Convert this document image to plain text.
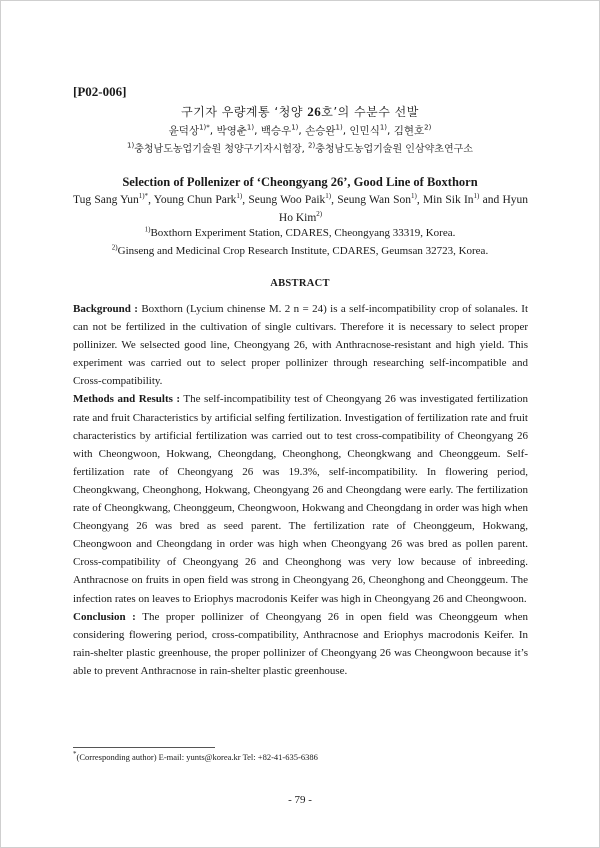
[P02-006]
구기자 우량계통 ‘청양 26호’의 수분수 선발
윤덕상$^{1)*}$, 박영춘$^{1)}$, 백승우$^{1)}$, 손승완$^{1)}$, 인민식$^{1)}$, 김현호$^{2)}$
$^{1)}$충청남도농업기술원 청양구기자시험장, $^{2)}$충청남도농업기술원 인삼약초연구소
Selection of Pollenizer of ‘Cheongyang 26’, Good Line of Boxthorn
Tug Sang Yun$^{1)*}$, Young Chun Park$^{1)}$, Seung Woo Paik$^{1)}$, Seung Wan Son$^{1)}$, Min Sik In$^{1)}$ and Hyun Ho Kim$^{2)}$
$^{1)}$Boxthorn Experiment Station, CDARES, Cheongyang 33319, Korea.
$^{2)}$Ginseng and Medicinal Crop Research Institute, CDARES, Geumsan 32723, Korea.
ABSTRACT

Background : Boxthorn (Lycium chinense M. 2 n = 24) is a self-incompatibility crop of solanales. It can not be fertilized in the cultivation of single cultivars. Therefore it is necessary to select proper pollinizer. We selsected good line, Cheongyang 26, with Anthracnose-resistant and high yield. This experiment was carried out to select proper pollinizer through researching self-incompatible and Cross-compatibility.

Methods and Results : The self-incompatibility test of Cheongyang 26 was investigated fertilization rate and fruit Characteristics by artificial selfing fertilization. Investigation of fertilization rate and fruit characteristics by artificial fertilization was carried out to test cross-compatibility of Cheongyang 26 with Cheongwoon, Hokwang, Cheongdang, Cheonghong, Cheongkwang and Cheonggeum. Self-fertilization rate of Cheongyang 26 was 19.3%, self-incompatibility. In flowering period, Cheongkwang, Cheonghong, Hokwang, Cheongyang 26 and Cheongdang were early. The fertilization rate of Cheongkwang, Cheonggeum, Cheongwoon, Hokwang and Cheongdang in order was high when Cheongyang 26 was bred as seed parent. The fertilization rate of Cheonggeum, Hokwang, Cheongwoon and Cheongdang in order was high when Cheongyang 26 was bred as pollen parent. Cross-compatibility of Cheongyang 26 and Cheonghong was very low because of inbreeding. Anthracnose on fruits in open field was strong in Cheongyang 26, Cheonghong and Cheonggeum. The infection rates on leaves to Eriophys macrodonis Keifer was high in Cheongyang 26 and Cheongwoon.

Conclusion : The proper pollinizer of Cheongyang 26 in open field was Cheonggeum when considering flowering period, cross-compatibility, Anthracnose and Eriophys macrodonis Keifer. In rain-shelter plastic greenhouse, the proper pollinizer of Cheongyang 26 was Cheongwoon because it’s able to prevent Anthracnose in rain-shelter plastic greenhouse.

*(Corresponding author) E-mail: yunts@korea.kr Tel: +82-41-635-6386
- 79 -
